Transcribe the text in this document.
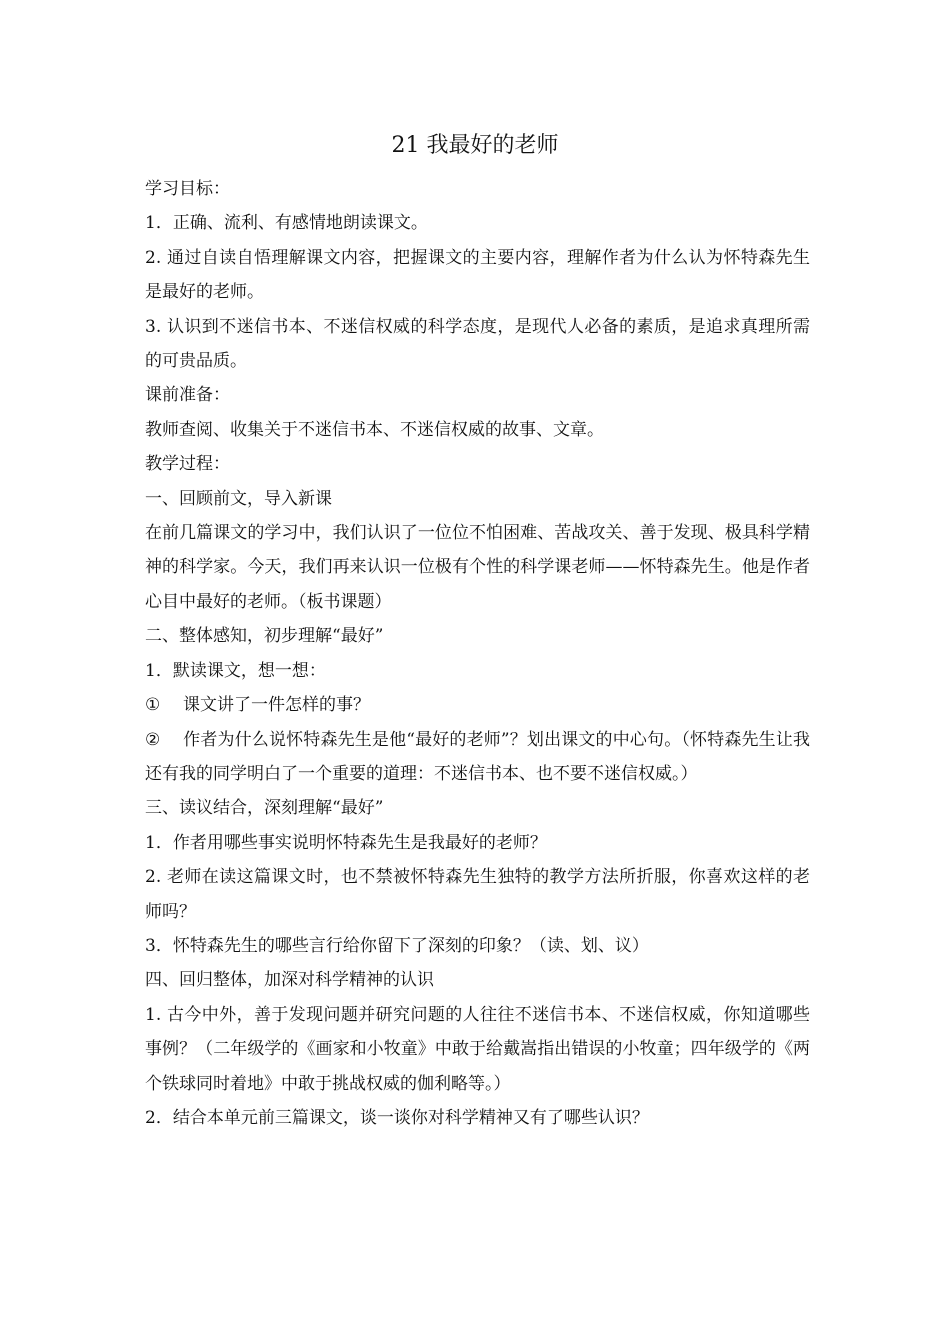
21 我最好的老师

学习目标：

1．正确、流利、有感情地朗读课文。

2. 通过自读自悟理解课文内容，把握课文的主要内容，理解作者为什么认为怀特森先生是最好的老师。

3. 认识到不迷信书本、不迷信权威的科学态度，是现代人必备的素质，是追求真理所需的可贵品质。

课前准备：

教师查阅、收集关于不迷信书本、不迷信权威的故事、文章。

教学过程：

一、回顾前文，导入新课

在前几篇课文的学习中，我们认识了一位位不怕困难、苦战攻关、善于发现、极具科学精神的科学家。今天，我们再来认识一位极有个性的科学课老师——怀特森先生。他是作者心目中最好的老师。（板书课题）

二、整体感知，初步理解“最好”

1．默读课文，想一想：

① 课文讲了一件怎样的事？

② 作者为什么说怀特森先生是他“最好的老师”？划出课文的中心句。（怀特森先生让我还有我的同学明白了一个重要的道理：不迷信书本、也不要不迷信权威。）

三、读议结合，深刻理解“最好”

1．作者用哪些事实说明怀特森先生是我最好的老师？

2. 老师在读这篇课文时，也不禁被怀特森先生独特的教学方法所折服，你喜欢这样的老师吗？

3．怀特森先生的哪些言行给你留下了深刻的印象？（读、划、议）

四、回归整体，加深对科学精神的认识

1. 古今中外，善于发现问题并研究问题的人往往不迷信书本、不迷信权威，你知道哪些事例？（二年级学的《画家和小牧童》中敢于给戴嵩指出错误的小牧童；四年级学的《两个铁球同时着地》中敢于挑战权威的伽利略等。）

2．结合本单元前三篇课文，谈一谈你对科学精神又有了哪些认识？
